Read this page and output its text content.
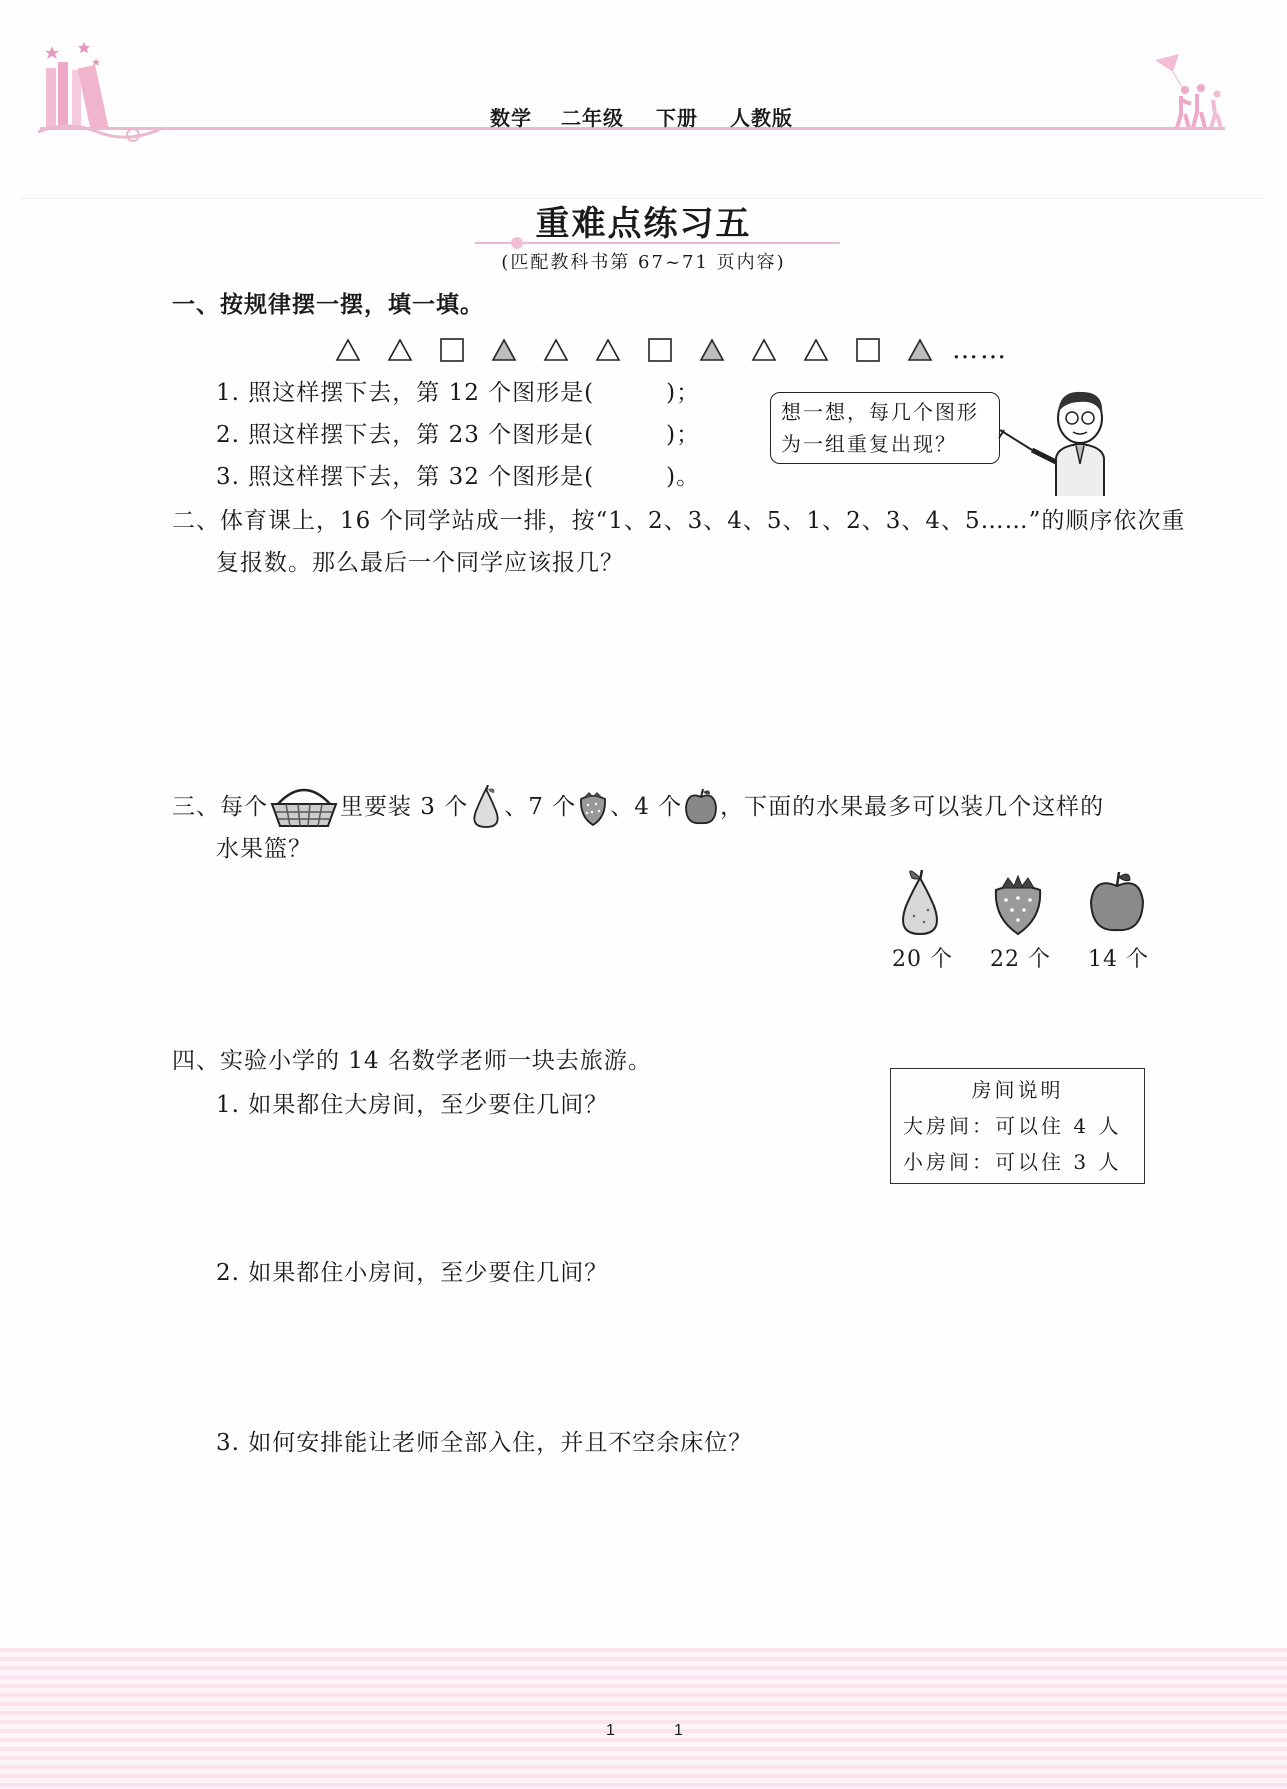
数学 二年级 下册 人教版
重难点练习五
(匹配教科书第 67~71 页内容)
一、按规律摆一摆，填一填。
……
1. 照这样摆下去，第 12 个图形是(　　　)；
2. 照这样摆下去，第 23 个图形是(　　　)；
3. 照这样摆下去，第 32 个图形是(　　　)。
想一想，每几个图形
为一组重复出现？
二、体育课上，16 个同学站成一排，按“1、2、3、4、5、1、2、3、4、5……”的顺序依次重
复报数。那么最后一个同学应该报几？
三、每个	里要装 3 个 、7 个 、4 个 ，下面的水果最多可以装几个这样的
水果篮？
20 个 22 个 14 个
四、实验小学的 14 名数学老师一块去旅游。
1. 如果都住大房间，至少要住几间？
2. 如果都住小房间，至少要住几间？
3. 如何安排能让老师全部入住，并且不空余床位？
房间说明
大房间：可以住 4 人
小房间：可以住 3 人
1	1
